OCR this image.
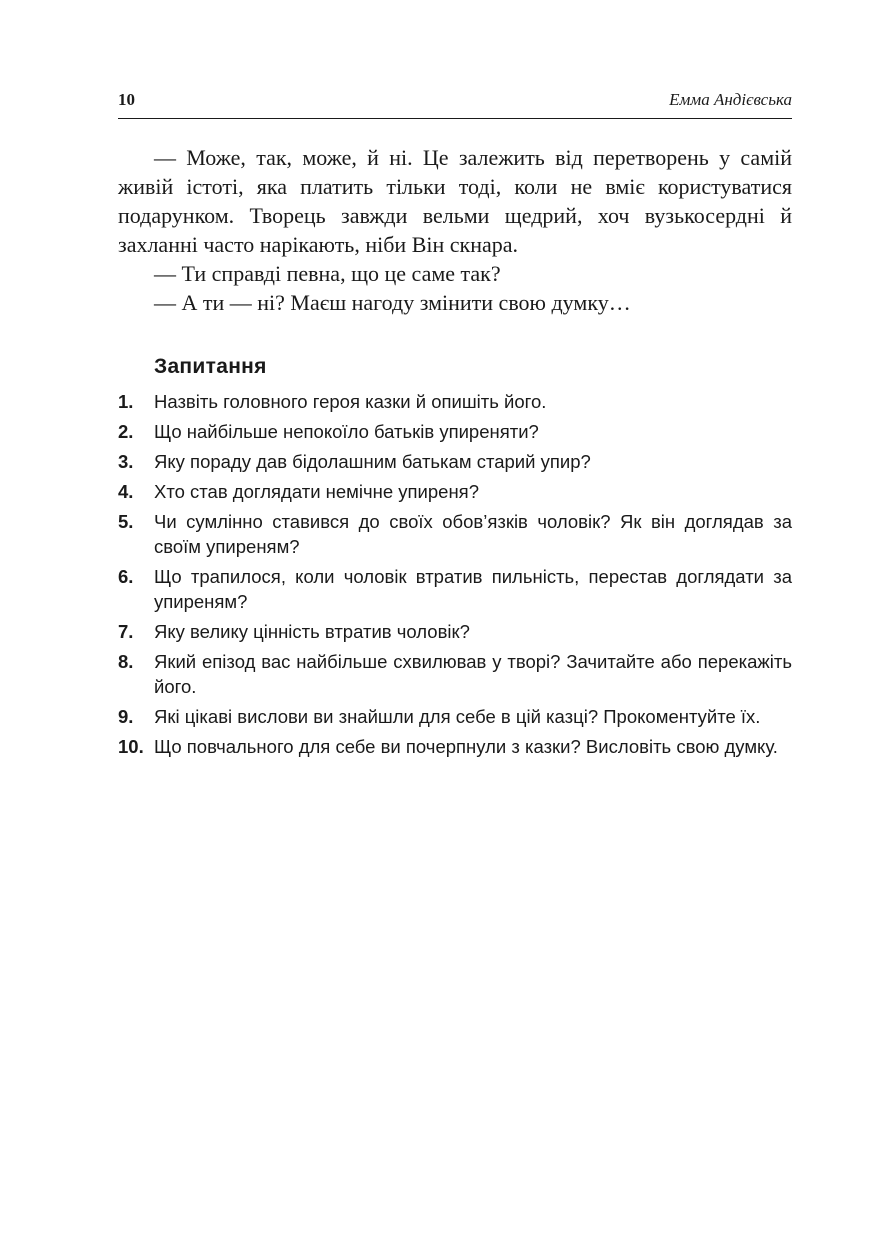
10	Емма Андієвська

— Може, так, може, й ні. Це залежить від перетворень у самій живій істоті, яка платить тільки тоді, коли не вміє користуватися подарунком. Творець завжди вельми щедрий, хоч вузькосердні й захланні часто нарікають, ніби Він скнара.

— Ти справді певна, що це саме так?

— А ти — ні? Маєш нагоду змінити свою думку…

Запитання
1. Назвіть головного героя казки й опишіть його.
2. Що найбільше непокоїло батьків упиреняти?
3. Яку пораду дав бідолашним батькам старий упир?
4. Хто став доглядати немічне упиреня?
5. Чи сумлінно ставився до своїх обов’язків чоловік? Як він доглядав за своїм упиреням?
6. Що трапилося, коли чоловік втратив пильність, перестав доглядати за упиреням?
7. Яку велику цінність втратив чоловік?
8. Який епізод вас найбільше схвилював у творі? Зачитайте або перекажіть його.
9. Які цікаві вислови ви знайшли для себе в цій казці? Прокоментуйте їх.
10. Що повчального для себе ви почерпнули з казки? Висловіть свою думку.
